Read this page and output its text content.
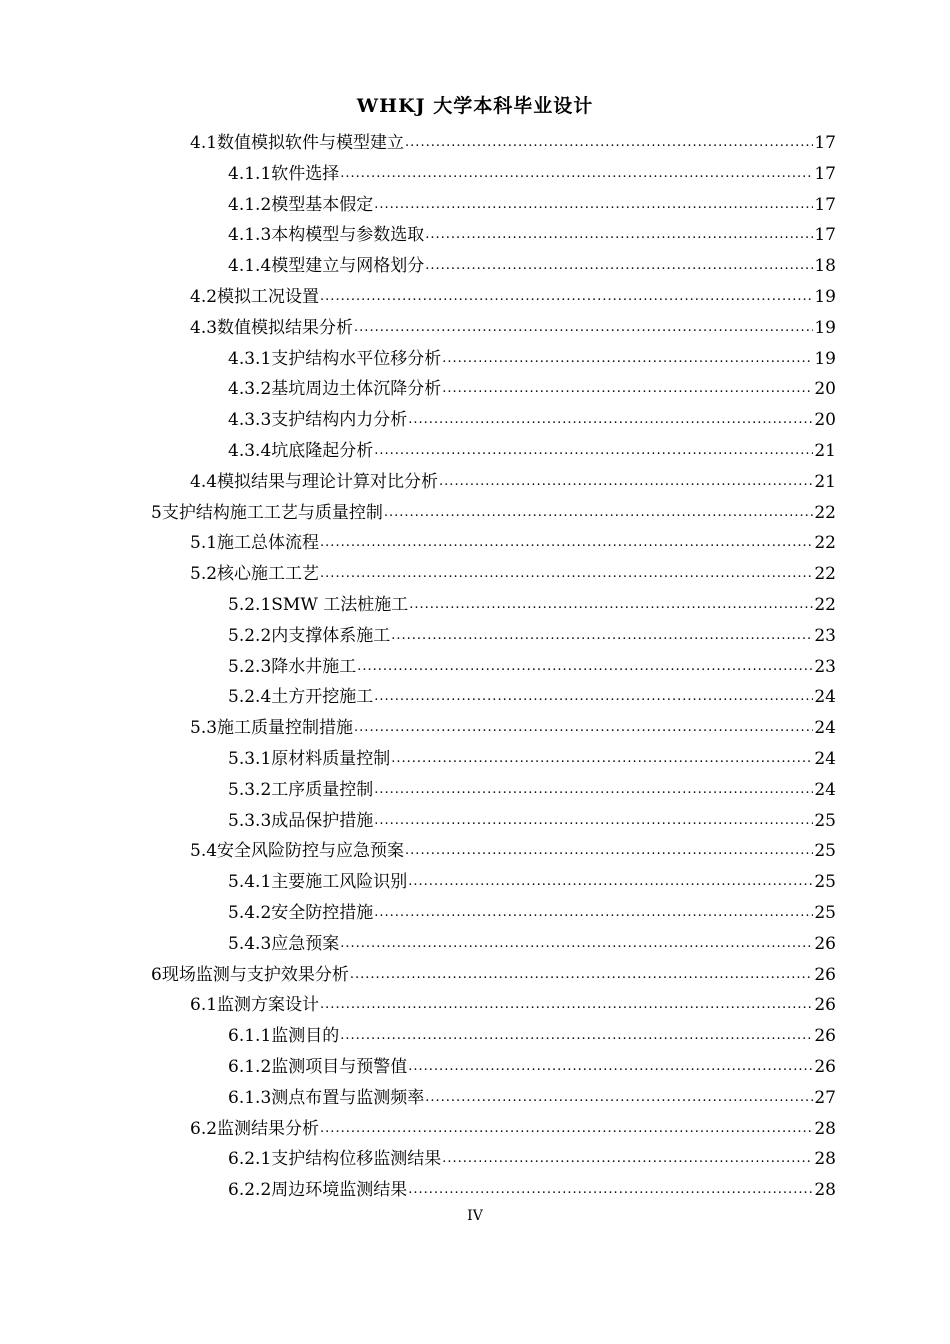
WHKJ 大学本科毕业设计
4.1 数值模拟软件与模型建立 .....	17
4.1.1 软件选择 .....	17
4.1.2 模型基本假定 .....	17
4.1.3 本构模型与参数选取 .....	17
4.1.4 模型建立与网格划分 .....	18
4.2 模拟工况设置 .....	19
4.3 数值模拟结果分析 .....	19
4.3.1 支护结构水平位移分析 .....	19
4.3.2 基坑周边土体沉降分析 .....	20
4.3.3 支护结构内力分析 .....	20
4.3.4 坑底隆起分析 .....	21
4.4 模拟结果与理论计算对比分析 .....	21
5 支护结构施工工艺与质量控制 .....	22
5.1 施工总体流程 .....	22
5.2 核心施工工艺 .....	22
5.2.1 SMW 工法桩施工 .....	22
5.2.2 内支撑体系施工 .....	23
5.2.3 降水井施工 .....	23
5.2.4 土方开挖施工 .....	24
5.3 施工质量控制措施 .....	24
5.3.1 原材料质量控制 .....	24
5.3.2 工序质量控制 .....	24
5.3.3 成品保护措施 .....	25
5.4 安全风险防控与应急预案 .....	25
5.4.1 主要施工风险识别 .....	25
5.4.2 安全防控措施 .....	25
5.4.3 应急预案 .....	26
6 现场监测与支护效果分析 .....	26
6.1 监测方案设计 .....	26
6.1.1 监测目的 .....	26
6.1.2 监测项目与预警值 .....	26
6.1.3 测点布置与监测频率 .....	27
6.2 监测结果分析 .....	28
6.2.1 支护结构位移监测结果 .....	28
6.2.2 周边环境监测结果 .....	28
IV
